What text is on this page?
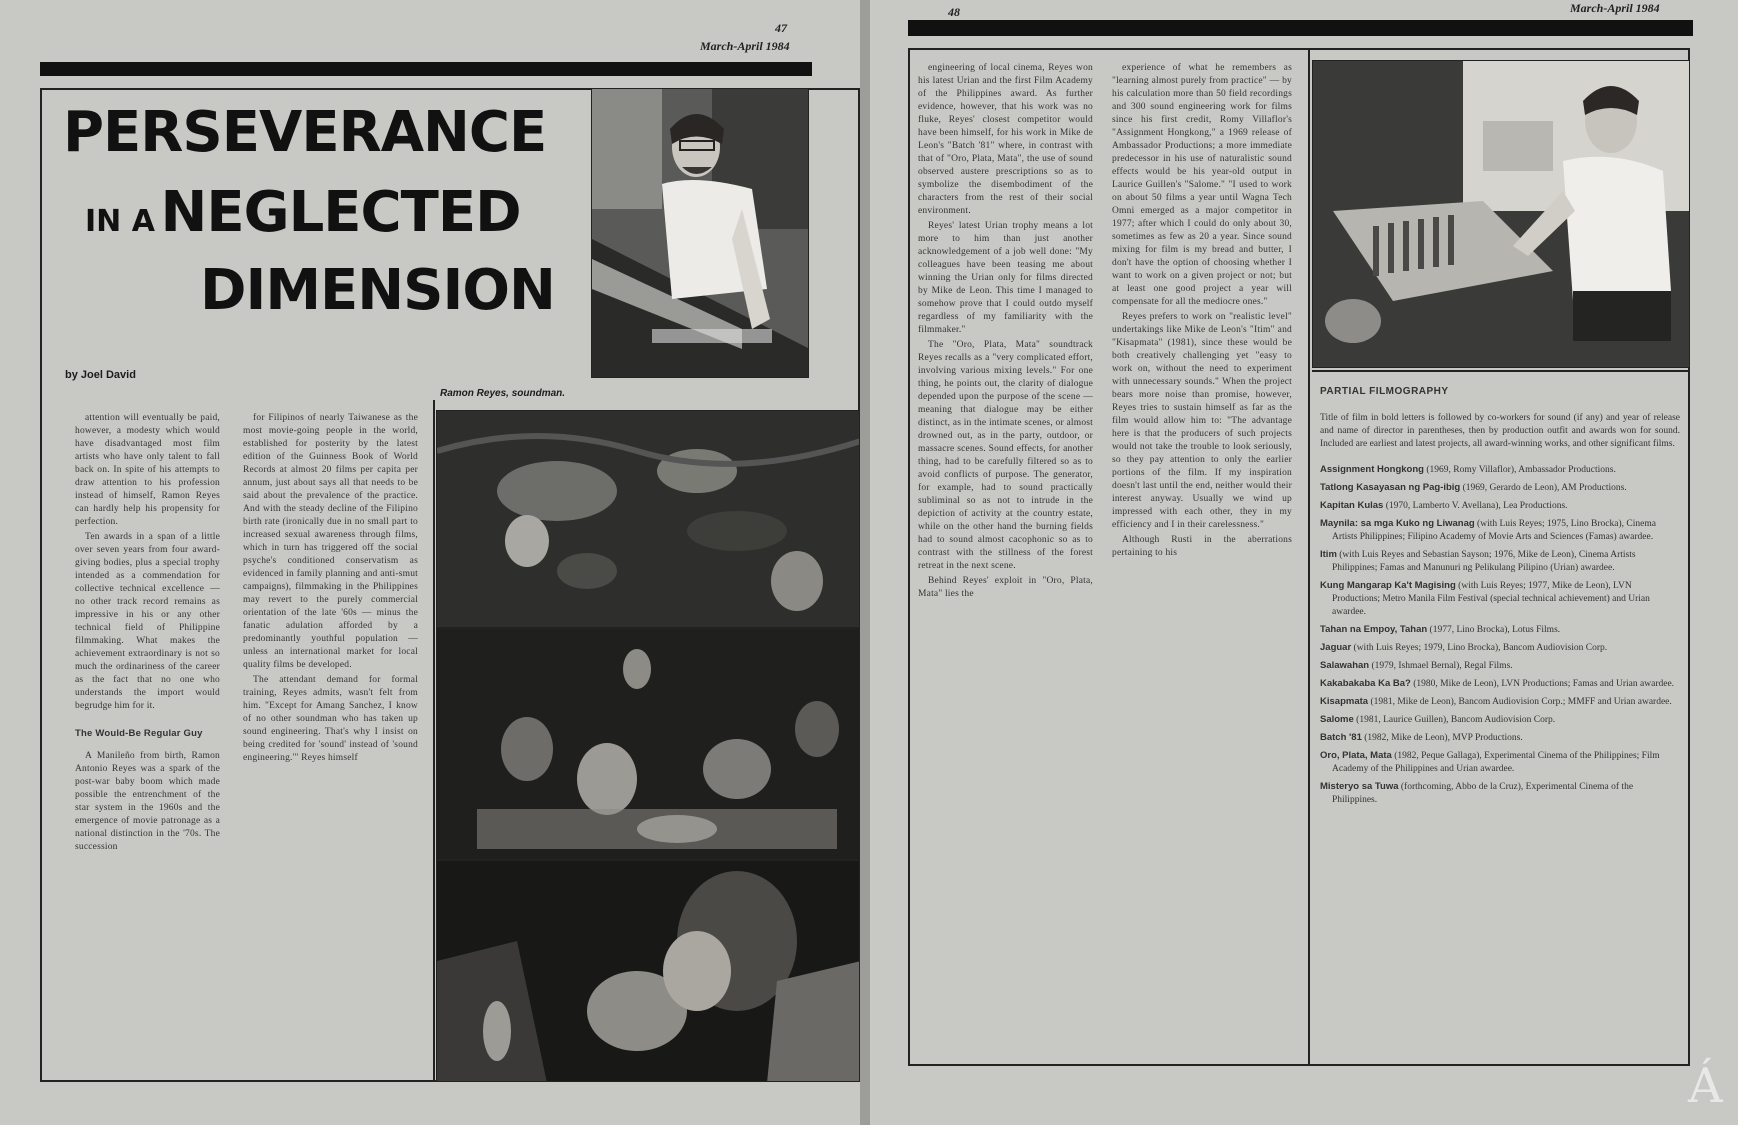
47
March-April 1984
PERSEVERANCE
IN A NEGLECTED
DIMENSION
by Joel David
Ramon Reyes, soundman.

attention will eventually be paid, however, a modesty which would have disadvantaged most film artists who have only talent to fall back on. In spite of his attempts to draw attention to his profession instead of himself, Ramon Reyes can hardly help his propensity for perfection.

Ten awards in a span of a little over seven years from four award-giving bodies, plus a special trophy intended as a commendation for collective technical excellence — no other track record remains as impressive in his or any other technical field of Philippine filmmaking. What makes the achievement extraordinary is not so much the ordinariness of the career as the fact that no one who understands the import would begrudge him for it.

The Would-Be Regular Guy

A Manileño from birth, Ramon Antonio Reyes was a spark of the post-war baby boom which made possible the entrenchment of the star system in the 1960s and the emergence of movie patronage as a national distinction in the '70s. The succession

for Filipinos of nearly Taiwanese as the most movie-going people in the world, established for posterity by the latest edition of the Guinness Book of World Records at almost 20 films per capita per annum, just about says all that needs to be said about the prevalence of the practice. And with the steady decline of the Filipino birth rate (ironically due in no small part to increased sexual awareness through films, which in turn has triggered off the social psyche's conditioned conservatism as evidenced in family planning and anti-smut campaigns), filmmaking in the Philippines may revert to the purely commercial orientation of the late '60s — minus the fanatic adulation afforded by a predominantly youthful population — unless an international market for local quality films be developed.

The attendant demand for formal training, Reyes admits, wasn't felt from him. "Except for Amang Sanchez, I know of no other soundman who has taken up sound engineering. That's why I insist on being credited for 'sound' instead of 'sound engineering.'" Reyes himself

48	March-April 1984

engineering of local cinema, Reyes won his latest Urian and the first Film Academy of the Philippines award. As further evidence, however, that his work was no fluke, Reyes' closest competitor would have been himself, for his work in Mike de Leon's "Batch '81" where, in contrast with that of "Oro, Plata, Mata", the use of sound observed austere prescriptions so as to symbolize the disembodiment of the characters from the rest of their social environment.

Reyes' latest Urian trophy means a lot more to him than just another acknowledgement of a job well done: "My colleagues have been teasing me about winning the Urian only for films directed by Mike de Leon. This time I managed to somehow prove that I could outdo myself regardless of my familiarity with the filmmaker."

The "Oro, Plata, Mata" soundtrack Reyes recalls as a "very complicated effort, involving various mixing levels." For one thing, he points out, the clarity of dialogue depended upon the purpose of the scene — meaning that dialogue may be either distinct, as in the intimate scenes, or almost drowned out, as in the party, outdoor, or massacre scenes. Sound effects, for another thing, had to be carefully filtered so as to avoid conflicts of purpose. The generator, for example, had to sound practically subliminal so as not to intrude in the depiction of activity at the country estate, while on the other hand the burning fields had to sound almost cacophonic so as to contrast with the stillness of the forest retreat in the next scene.

Behind Reyes' exploit in "Oro, Plata, Mata" lies the

experience of what he remembers as "learning almost purely from practice" — by his calculation more than 50 field recordings and 300 sound engineering work for films since his first credit, Romy Villaflor's "Assignment Hongkong," a 1969 release of Ambassador Productions; a more immediate predecessor in his use of naturalistic sound effects would be his year-old output in Laurice Guillen's "Salome." "I used to work on about 50 films a year until Wagna Tech Omni emerged as a major competitor in 1977; after which I could do only about 30, sometimes as few as 20 a year. Since sound mixing for film is my bread and butter, I don't have the option of choosing whether I want to work on a given project or not; but at least one good project a year will compensate for all the mediocre ones."

Reyes prefers to work on "realistic level" undertakings like Mike de Leon's "Itim" and "Kisapmata" (1981), since these would be both creatively challenging yet "easy to work on, without the need to experiment with unnecessary sounds." When the project bears more noise than promise, however, Reyes tries to sustain himself as far as the film would allow him to: "The advantage here is that the producers of such projects would not take the trouble to look seriously, so they pay attention to only the earlier portions of the film. If my inspiration doesn't last until the end, neither would their interest anyway. Usually we wind up impressed with each other, they in my efficiency and I in their carelessness."

Although Rusti in the aberrations pertaining to his

PARTIAL FILMOGRAPHY
Title of film in bold letters is followed by co-workers for sound (if any) and year of release and name of director in parentheses, then by production outfit and awards won for sound. Included are earliest and latest projects, all award-winning works, and other significant films.
Assignment Hongkong (1969, Romy Villaflor), Ambassador Productions.
Tatlong Kasayasan ng Pag-ibig (1969, Gerardo de Leon), AM Productions.
Kapitan Kulas (1970, Lamberto V. Avellana), Lea Productions.
Maynila: sa mga Kuko ng Liwanag (with Luis Reyes; 1975, Lino Brocka), Cinema Artists Philippines; Filipino Academy of Movie Arts and Sciences (Famas) awardee.
Itim (with Luis Reyes and Sebastian Sayson; 1976, Mike de Leon), Cinema Artists Philippines; Famas and Manunuri ng Pelikulang Pilipino (Urian) awardee.
Kung Mangarap Ka't Magising (with Luis Reyes; 1977, Mike de Leon), LVN Productions; Metro Manila Film Festival (special technical achievement) and Urian awardee.
Tahan na Empoy, Tahan (1977, Lino Brocka), Lotus Films.
Jaguar (with Luis Reyes; 1979, Lino Brocka), Bancom Audiovision Corp.
Salawahan (1979, Ishmael Bernal), Regal Films.
Kakabakaba Ka Ba? (1980, Mike de Leon), LVN Productions; Famas and Urian awardee.
Kisapmata (1981, Mike de Leon), Bancom Audiovision Corp.; MMFF and Urian awardee.
Salome (1981, Laurice Guillen), Bancom Audiovision Corp.
Batch '81 (1982, Mike de Leon), MVP Productions.
Oro, Plata, Mata (1982, Peque Gallaga), Experimental Cinema of the Philippines; Film Academy of the Philippines and Urian awardee.
Misteryo sa Tuwa (forthcoming, Abbo de la Cruz), Experimental Cinema of the Philippines.
Á
